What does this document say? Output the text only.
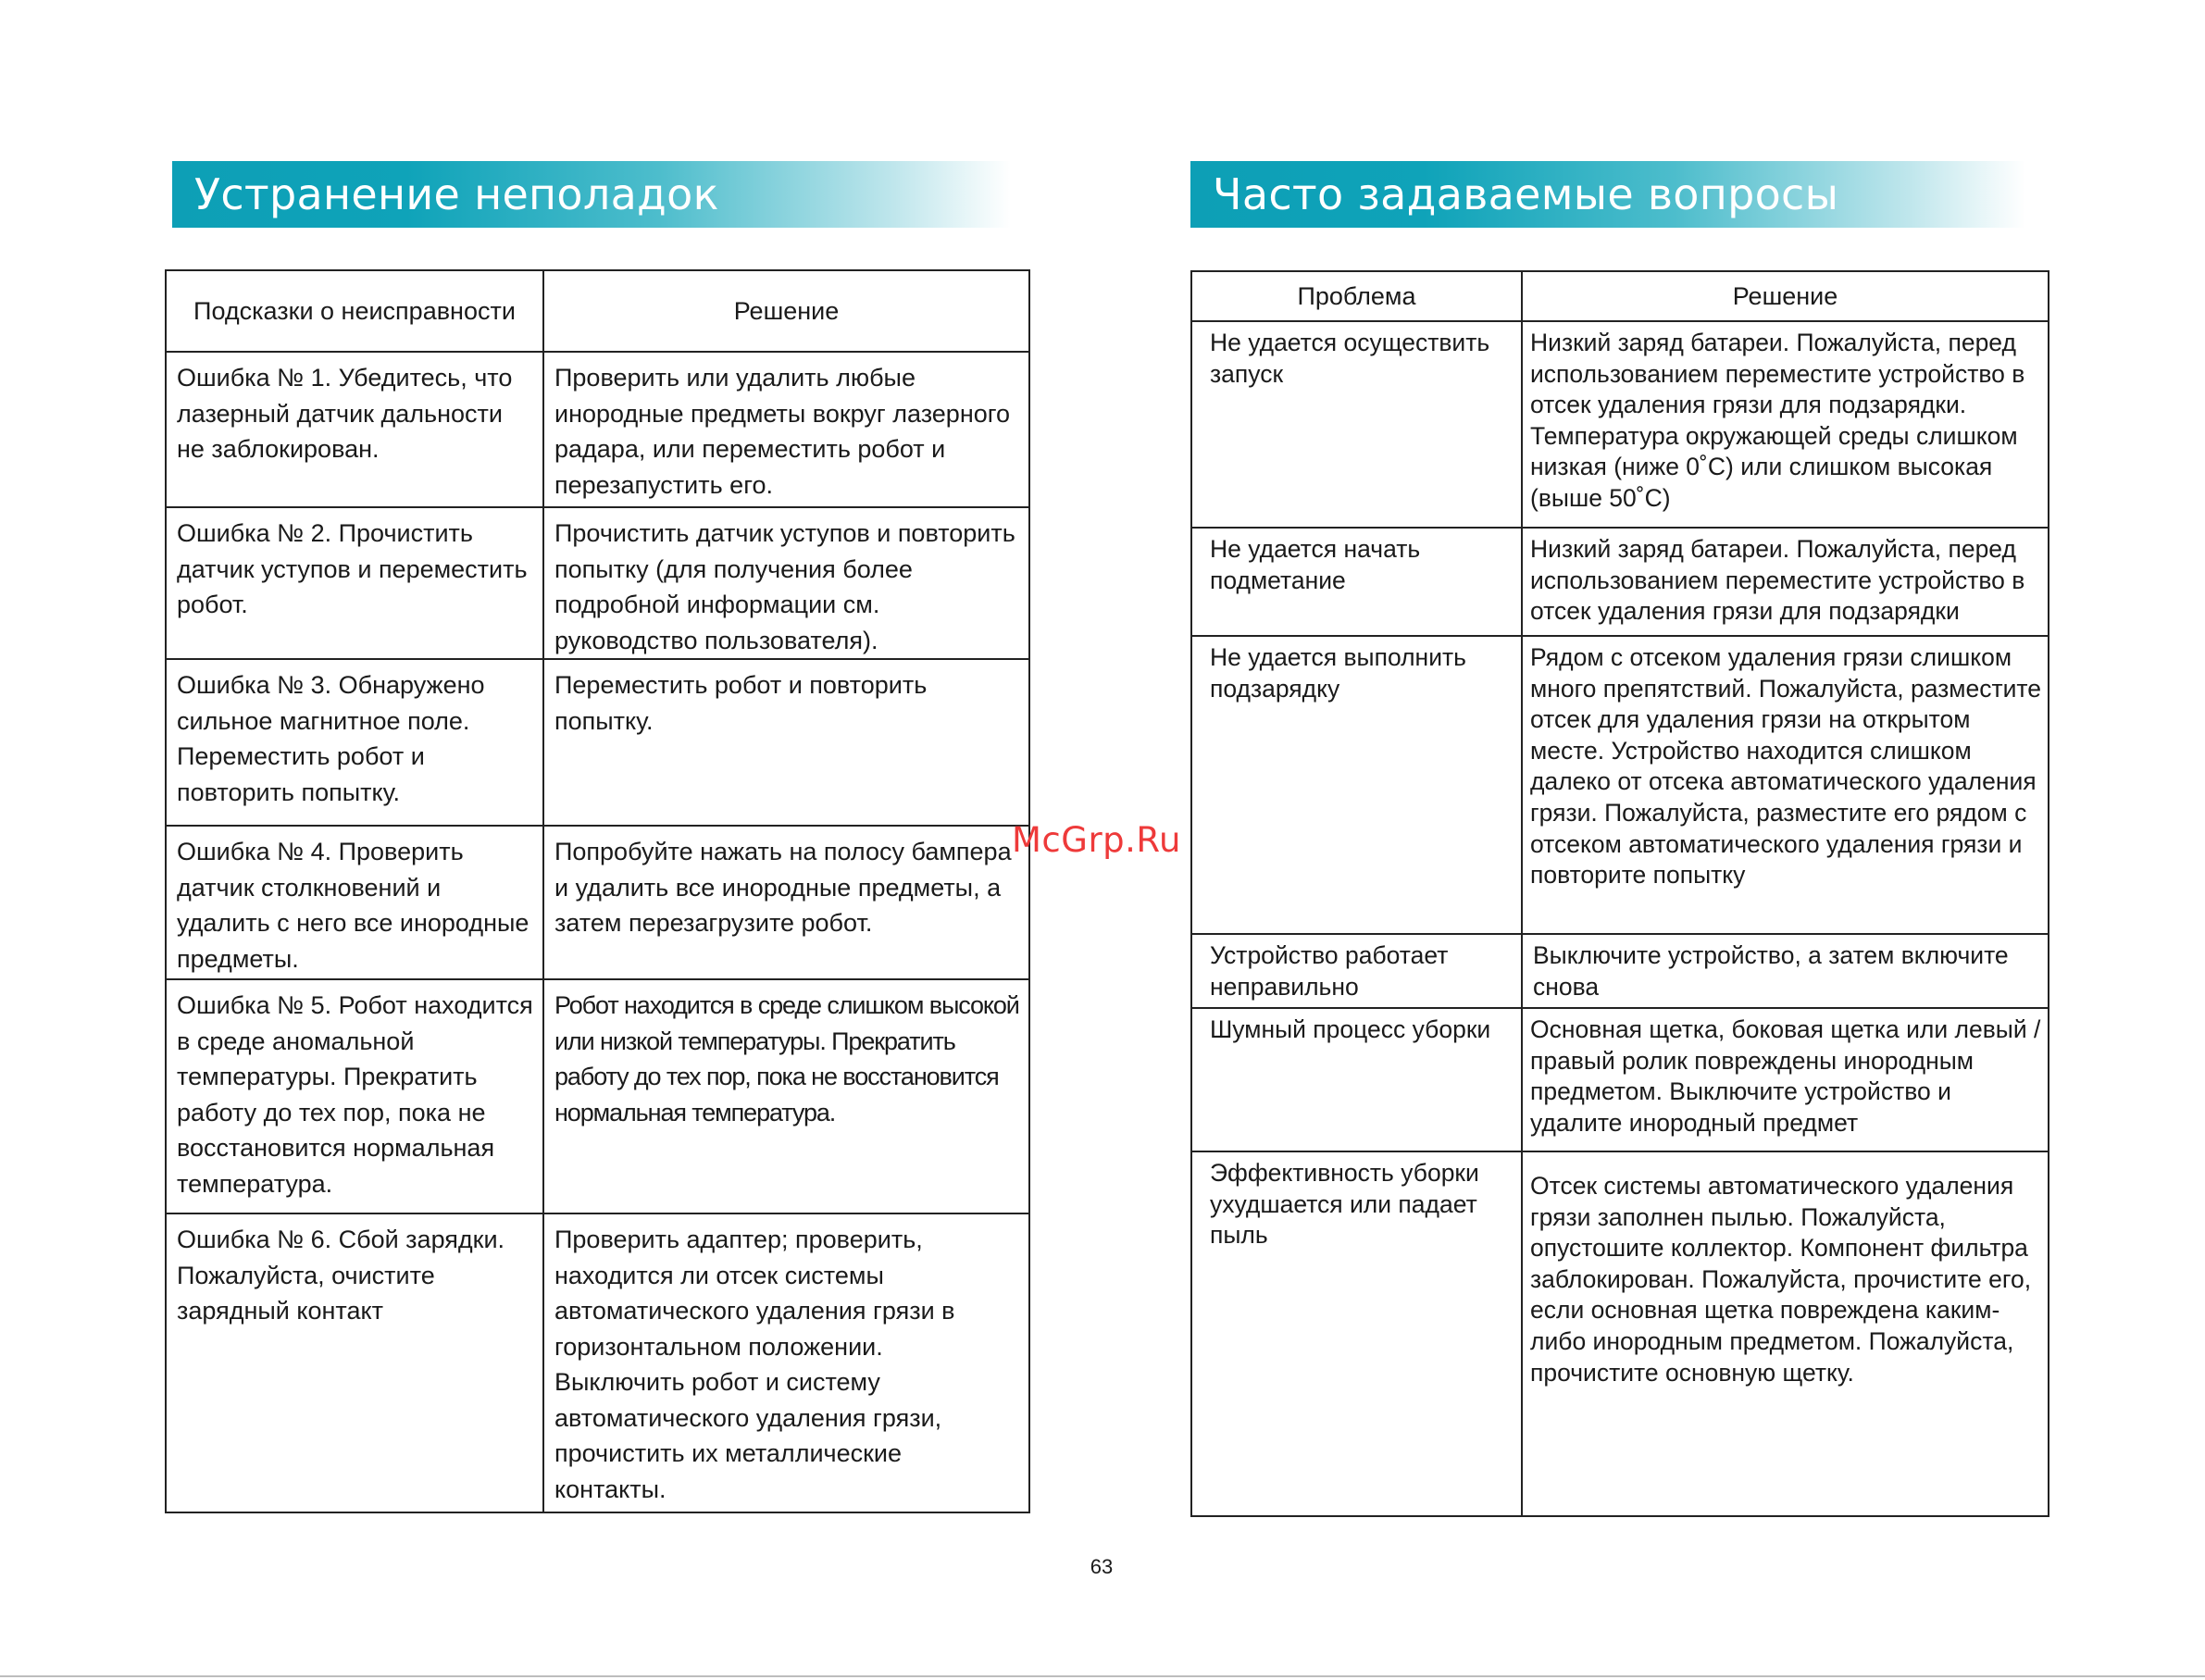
Устранение неполадок	Часто задаваемые вопросы
Подсказки о неисправности	Решение
Ошибка № 1. Убедитесь, что лазерный датчик дальности не заблокирован.	Проверить или удалить любые инородные предметы вокруг лазерного радара, или переместить робот и перезапустить его.
Ошибка № 2. Прочистить датчик уступов и переместить робот.	Прочистить датчик уступов и повторить попытку (для получения более подробной информации см. руководство пользователя).
Ошибка № 3. Обнаружено сильное магнитное поле. Переместить робот и повторить попытку.	Переместить робот и повторить попытку.
Ошибка № 4. Проверить датчик столкновений и удалить с него все инородные предметы.	Попробуйте нажать на полосу бампера и удалить все инородные предметы, а затем перезагрузите робот.
Ошибка № 5. Робот находится в среде аномальной температуры. Прекратить работу до тех пор, пока не восстановится нормальная температура.	Робот находится в среде слишком высокой или низкой температуры. Прекратить работу до тех пор, пока не восстановится нормальная температура.
Ошибка № 6. Сбой зарядки. Пожалуйста, очистите зарядный контакт	Проверить адаптер; проверить, находится ли отсек системы автоматического удаления грязи в горизонтальном положении. Выключить робот и систему автоматического удаления грязи, прочистить их металлические контакты.
Проблема	Решение
Не удается осуществить запуск	Низкий заряд батареи. Пожалуйста, перед использованием переместите устройство в отсек удаления грязи для подзарядки. Температура окружающей среды слишком низкая (ниже 0˚C) или слишком высокая (выше 50˚C)
Не удается начать подметание	Низкий заряд батареи. Пожалуйста, перед использованием переместите устройство в отсек удаления грязи для подзарядки
Не удается выполнить подзарядку	Рядом с отсеком удаления грязи слишком много препятствий. Пожалуйста, разместите отсек для удаления грязи на открытом месте. Устройство находится слишком далеко от отсека автоматического удаления грязи. Пожалуйста, разместите его рядом с отсеком автоматического удаления грязи и повторите попытку
Устройство работает неправильно	Выключите устройство, а затем включите снова
Шумный процесс уборки	Основная щетка, боковая щетка или левый / правый ролик повреждены инородным предметом. Выключите устройство и удалите инородный предмет
Эффективность уборки ухудшается или падает пыль	Отсек системы автоматического удаления грязи заполнен пылью. Пожалуйста, опустошите коллектор. Компонент фильтра заблокирован. Пожалуйста, прочистите его, если основная щетка повреждена каким-либо инородным предметом. Пожалуйста, прочистите основную щетку.
McGrp.Ru
63
